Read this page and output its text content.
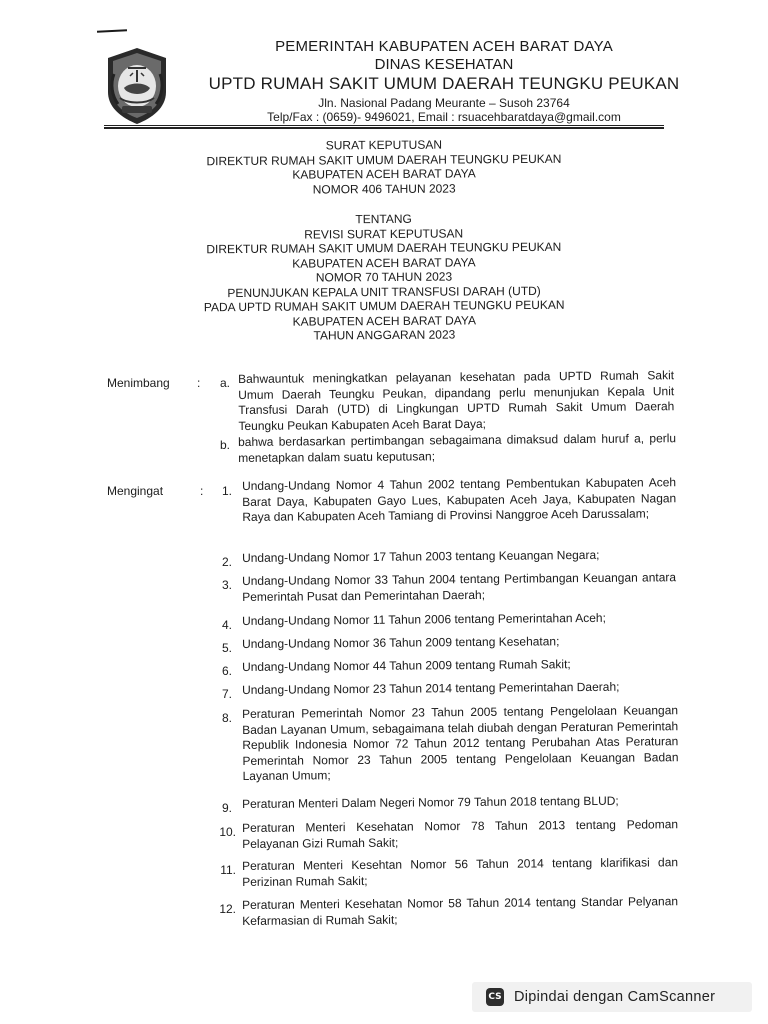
PEMERINTAH KABUPATEN ACEH BARAT DAYA
DINAS KESEHATAN
UPTD RUMAH SAKIT UMUM DAERAH TEUNGKU PEUKAN
Jln. Nasional Padang Meurante – Susoh 23764
Telp/Fax : (0659)- 9496021, Email : rsuacehbaratdaya@gmail.com
SURAT KEPUTUSAN
DIREKTUR RUMAH SAKIT UMUM DAERAH TEUNGKU PEUKAN
KABUPATEN ACEH BARAT DAYA
NOMOR 406 TAHUN 2023
TENTANG
REVISI SURAT KEPUTUSAN
DIREKTUR RUMAH SAKIT UMUM DAERAH TEUNGKU PEUKAN
KABUPATEN ACEH BARAT DAYA
NOMOR 70 TAHUN 2023
PENUNJUKAN KEPALA UNIT TRANSFUSI DARAH (UTD)
PADA UPTD RUMAH SAKIT UMUM DAERAH TEUNGKU PEUKAN
KABUPATEN ACEH BARAT DAYA
TAHUN ANGGARAN 2023
Menimbang :	a. Bahwauntuk meningkatkan pelayanan kesehatan pada UPTD Rumah Sakit Umum Daerah Teungku Peukan, dipandang perlu menunjukan Kepala Unit Transfusi Darah (UTD) di Lingkungan UPTD Rumah Sakit Umum Daerah Teungku Peukan Kabupaten Aceh Barat Daya;
b. bahwa berdasarkan pertimbangan sebagaimana dimaksud dalam huruf a, perlu menetapkan dalam suatu keputusan;
Mengingat	:	1. Undang-Undang Nomor 4 Tahun 2002 tentang Pembentukan Kabupaten Aceh Barat Daya, Kabupaten Gayo Lues, Kabupaten Aceh Jaya, Kabupaten Nagan Raya dan Kabupaten Aceh Tamiang di Provinsi Nanggroe Aceh Darussalam;
2. Undang-Undang Nomor 17 Tahun 2003 tentang Keuangan Negara;
3. Undang-Undang Nomor 33 Tahun 2004 tentang Pertimbangan Keuangan antara Pemerintah Pusat dan Pemerintahan Daerah;
4. Undang-Undang Nomor 11 Tahun 2006 tentang Pemerintahan Aceh;
5. Undang-Undang Nomor 36 Tahun 2009 tentang Kesehatan;
6. Undang-Undang Nomor 44 Tahun 2009 tentang Rumah Sakit;
7. Undang-Undang Nomor 23 Tahun 2014 tentang Pemerintahan Daerah;
8. Peraturan Pemerintah Nomor 23 Tahun 2005 tentang Pengelolaan Keuangan Badan Layanan Umum, sebagaimana telah diubah dengan Peraturan Pemerintah Republik Indonesia Nomor 72 Tahun 2012 tentang Perubahan Atas Peraturan Pemerintah Nomor 23 Tahun 2005 tentang Pengelolaan Keuangan Badan Layanan Umum;
9. Peraturan Menteri Dalam Negeri Nomor 79 Tahun 2018 tentang BLUD;
10. Peraturan Menteri Kesehatan Nomor 78 Tahun 2013 tentang Pedoman Pelayanan Gizi Rumah Sakit;
11. Peraturan Menteri Kesehtan Nomor 56 Tahun 2014 tentang klarifikasi dan Perizinan Rumah Sakit;
12. Peraturan Menteri Kesehatan Nomor 58 Tahun 2014 tentang Standar Pelyanan Kefarmasian di Rumah Sakit;
CS Dipindai dengan CamScanner
